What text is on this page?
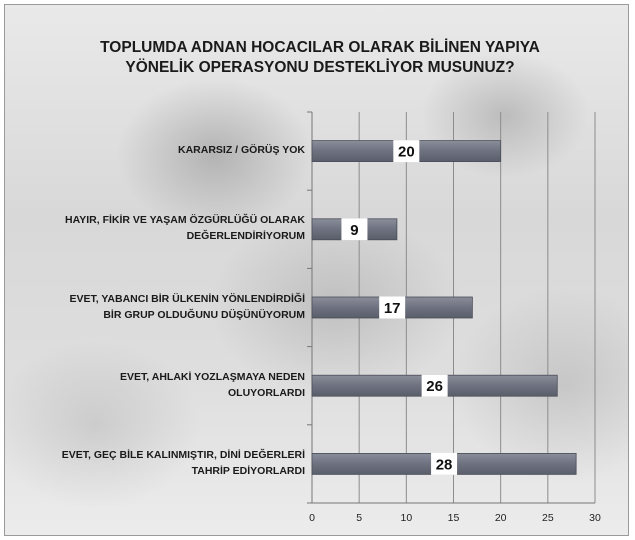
TOPLUMDA ADNAN HOCACILAR OLARAK BİLİNEN YAPIYA
YÖNELİK OPERASYONU DESTEKLİYOR MUSUNUZ?
KARARSIZ / GÖRÜŞ YOK
HAYIR, FİKİR VE YAŞAM ÖZGÜRLÜĞÜ OLARAK
DEĞERLENDİRİYORUM
EVET, YABANCI BİR ÜLKENİN YÖNLENDİRDİĞİ
BİR GRUP OLDUĞUNU DÜŞÜNÜYORUM
EVET, AHLAKİ YOZLAŞMAYA NEDEN
OLUYORLARDI
EVET, GEÇ BİLE KALINMIŞTIR, DİNİ DEĞERLERİ
TAHRİP EDİYORLARDI
0	5	10	15	20	25	30
20
9
17
26
28
